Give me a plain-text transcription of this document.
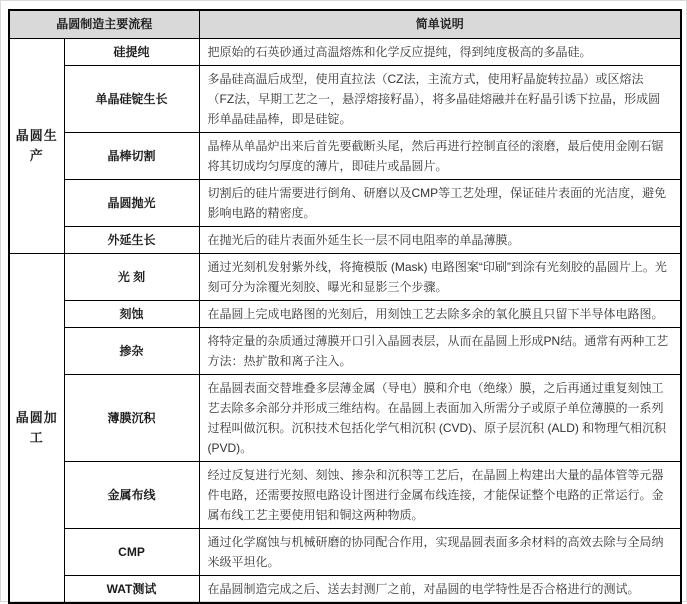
晶圆制造主要流程		简单说明
晶圆生产	硅提纯	把原始的石英砂通过高温熔炼和化学反应提纯，得到纯度极高的多晶硅。
	单晶硅锭生长	多晶硅高温后成型，使用直拉法（CZ法，主流方式，使用籽晶旋转拉晶）或区熔法（FZ法，早期工艺之一，悬浮熔接籽晶），将多晶硅熔融并在籽晶引诱下拉晶，形成圆形单晶硅晶棒，即是硅锭。
	晶棒切割	晶棒从单晶炉出来后首先要截断头尾，然后再进行控制直径的滚磨，最后使用金刚石锯将其切成均匀厚度的薄片，即硅片或晶圆片。
	晶圆抛光	切割后的硅片需要进行倒角、研磨以及CMP等工艺处理，保证硅片表面的光洁度，避免影响电路的精密度。
	外延生长	在抛光后的硅片表面外延生长一层不同电阻率的单晶薄膜。
晶圆加工	光 刻	通过光刻机发射紫外线，将掩模版 (Mask) 电路图案“印刷”到涂有光刻胶的晶圆片上。光刻可分为涂覆光刻胶、曝光和显影三个步骤。
	刻蚀	在晶圆上完成电路图的光刻后，用刻蚀工艺去除多余的氧化膜且只留下半导体电路图。
	掺杂	将特定量的杂质通过薄膜开口引入晶圆表层，从而在晶圆上形成PN结。通常有两种工艺方法：热扩散和离子注入。
	薄膜沉积	在晶圆表面交替堆叠多层薄金属（导电）膜和介电（绝缘）膜，之后再通过重复刻蚀工艺去除多余部分并形成三维结构。在晶圆上表面加入所需分子或原子单位薄膜的一系列过程叫做沉积。沉积技术包括化学气相沉积 (CVD)、原子层沉积 (ALD) 和物理气相沉积 (PVD)。
	金属布线	经过反复进行光刻、刻蚀、掺杂和沉积等工艺后，在晶圆上构建出大量的晶体管等元器件电路，还需要按照电路设计图进行金属布线连接，才能保证整个电路的正常运行。金属布线工艺主要使用铝和铜这两种物质。
	CMP	通过化学腐蚀与机械研磨的协同配合作用，实现晶圆表面多余材料的高效去除与全局纳米级平坦化。
	WAT测试	在晶圆制造完成之后、送去封测厂之前，对晶圆的电学特性是否合格进行的测试。
